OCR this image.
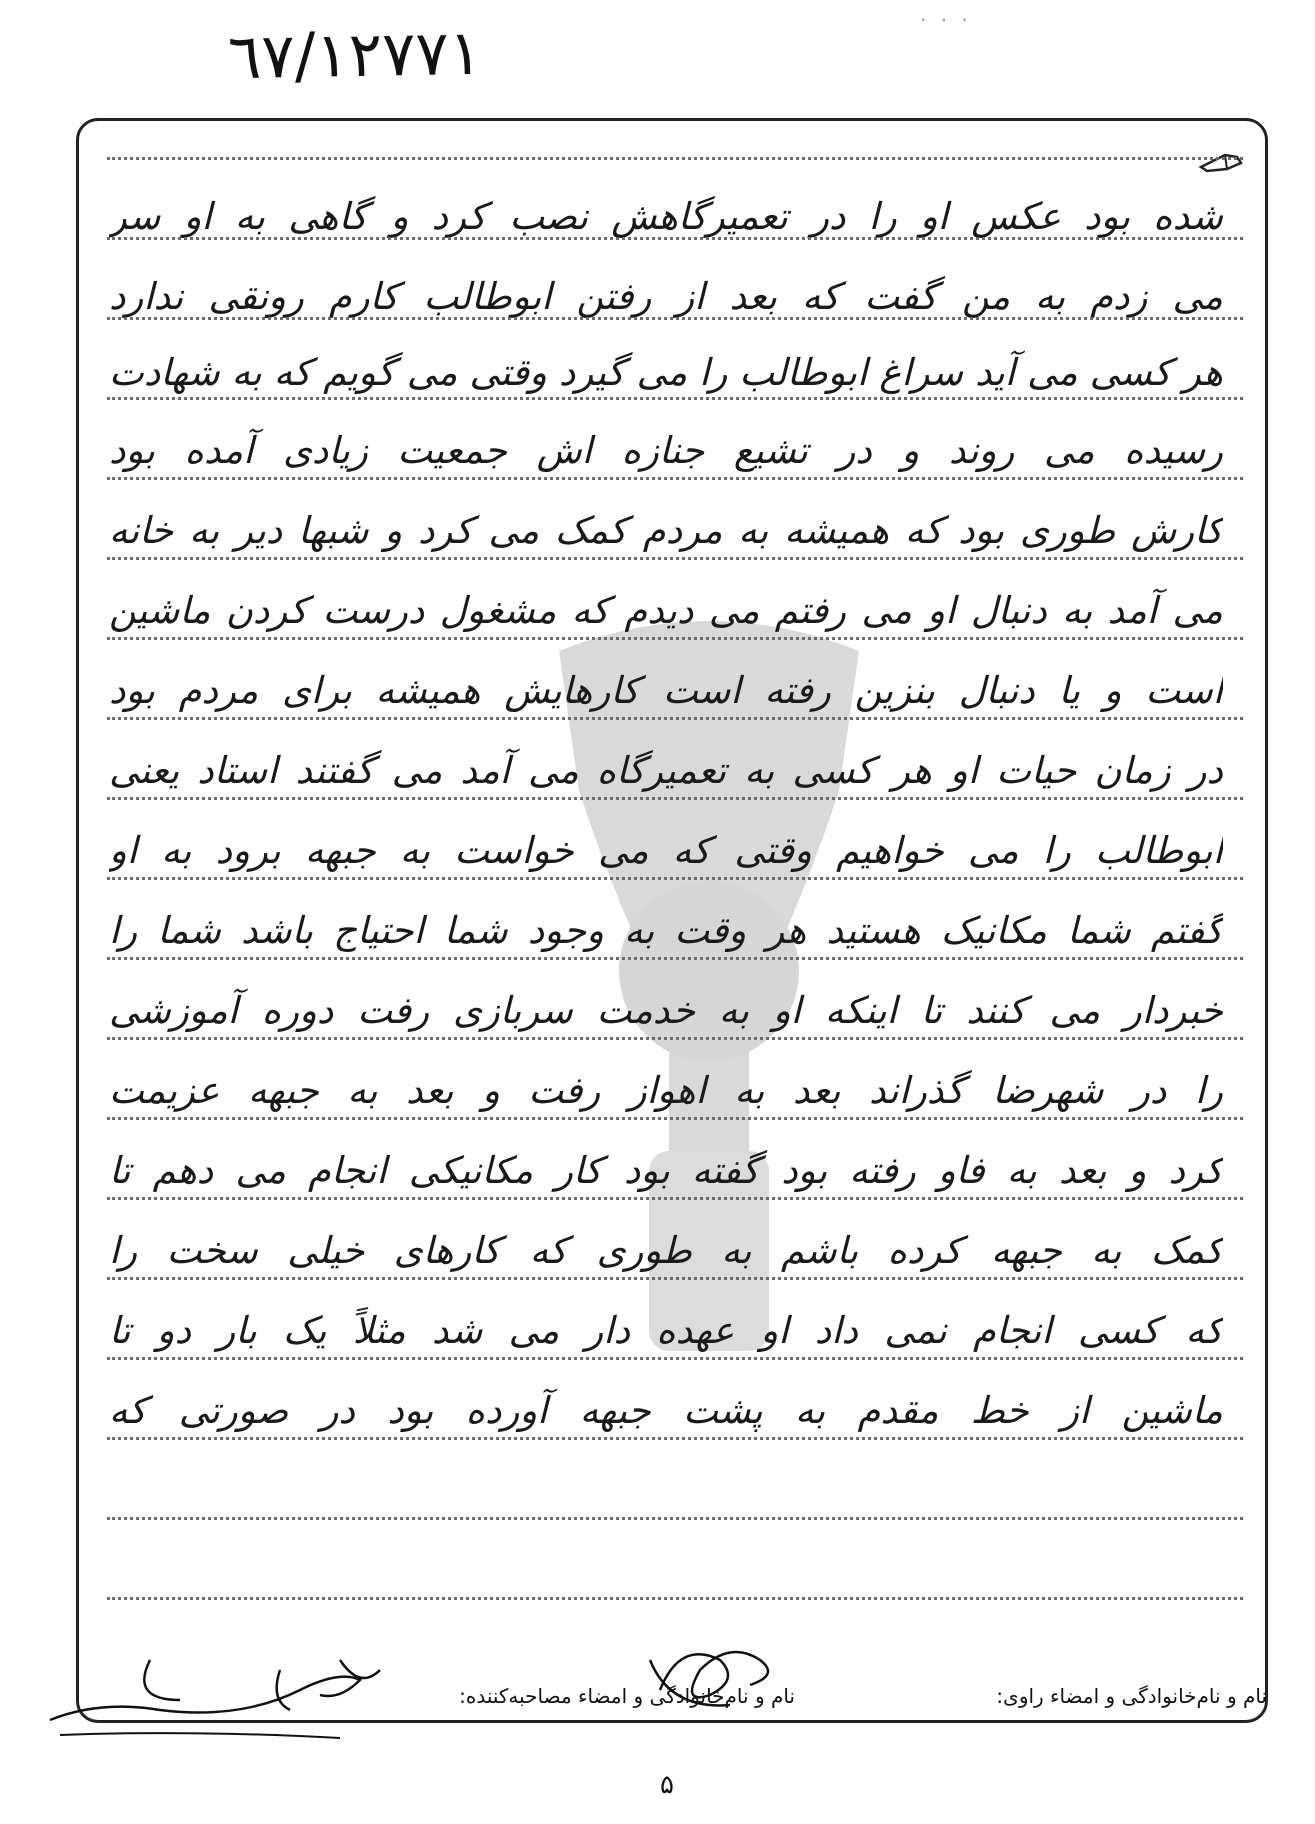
٦٧/١٢٧٧١	· · ·
شده بود عکس او را در تعمیرگاهش نصب کرد و گاهی به او سر
می زدم به من گفت که بعد از رفتن ابوطالب کارم رونقی ندارد
هر کسی می آید سراغ ابوطالب را می گیرد وقتی می گویم که به شهادت
رسیده می روند و در تشیع جنازه اش جمعیت زیادی آمده بود
کارش طوری بود که همیشه به مردم کمک می کرد و شبها دیر به خانه
می آمد به دنبال او می رفتم می دیدم که مشغول درست کردن ماشین
است و یا دنبال بنزین رفته است کارهایش همیشه برای مردم بود
در زمان حیات او هر کسی به تعمیرگاه می آمد می گفتند استاد یعنی
ابوطالب را می خواهیم وقتی که می خواست به جبهه برود به او
گفتم شما مکانیک هستید هر وقت به وجود شما احتیاج باشد شما را
خبردار می کنند تا اینکه او به خدمت سربازی رفت دوره آموزشی
را در شهرضا گذراند بعد به اهواز رفت و بعد به جبهه عزیمت
کرد و بعد به فاو رفته بود گفته بود کار مکانیکی انجام می دهم تا
کمک به جبهه کرده باشم به طوری که کارهای خیلی سخت را
که کسی انجام نمی داد او عهده دار می شد مثلاً یک بار دو تا
ماشین از خط مقدم به پشت جبهه آورده بود در صورتی که
نام و نام‌خانوادگی و امضاء راوی:
نام و نام‌خانوادگی و امضاء مصاحبه‌کننده:
۵
